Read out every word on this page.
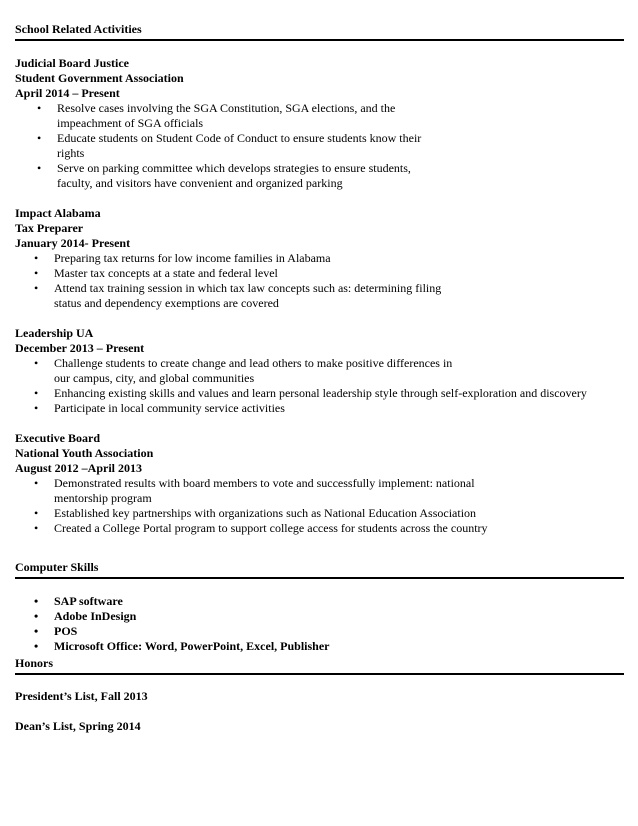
School Related Activities
Judicial Board Justice
Student Government Association
April 2014 – Present
• Resolve cases involving the SGA Constitution, SGA elections, and the
impeachment of SGA officials
• Educate students on Student Code of Conduct to ensure students know their
rights
• Serve on parking committee which develops strategies to ensure students,
faculty, and visitors have convenient and organized parking
Impact Alabama
Tax Preparer
January 2014- Present
• Preparing tax returns for low income families in Alabama
• Master tax concepts at a state and federal level
• Attend tax training session in which tax law concepts such as: determining filing
status and dependency exemptions are covered
Leadership UA
December 2013 – Present
• Challenge students to create change and lead others to make positive differences in
our campus, city, and global communities
• Enhancing existing skills and values and learn personal leadership style through self-exploration and discovery
• Participate in local community service activities
Executive Board
National Youth Association
August 2012 –April 2013
• Demonstrated results with board members to vote and successfully implement: national
mentorship program
• Established key partnerships with organizations such as National Education Association
• Created a College Portal program to support college access for students across the country
Computer Skills
• SAP software
• Adobe InDesign
• POS
• Microsoft Office: Word, PowerPoint, Excel, Publisher
Honors
President’s List, Fall 2013
Dean’s List, Spring 2014
